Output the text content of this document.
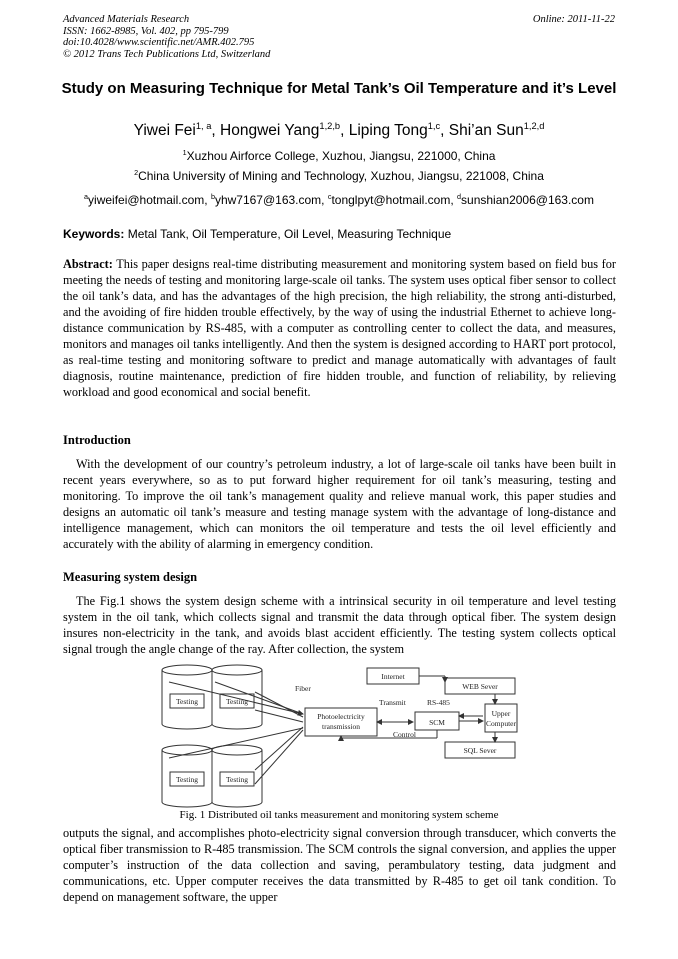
Advanced Materials Research
ISSN: 1662-8985, Vol. 402, pp 795-799
doi:10.4028/www.scientific.net/AMR.402.795
© 2012 Trans Tech Publications Ltd, Switzerland
Online: 2011-11-22
Study on Measuring Technique for Metal Tank’s Oil Temperature and it’s Level
Yiwei Fei$^{1, a}$, Hongwei Yang$^{1,2,b}$, Liping Tong$^{1,c}$, Shi’an Sun$^{1,2,d}$
$^1$Xuzhou Airforce College, Xuzhou, Jiangsu, 221000, China
$^2$China University of Mining and Technology, Xuzhou, Jiangsu, 221008, China
$^a$yiweifei@hotmail.com, $^b$yhw7167@163.com, $^c$tonglpyt@hotmail.com, $^d$sunshian2006@163.com
Keywords: Metal Tank, Oil Temperature, Oil Level, Measuring Technique

Abstract: This paper designs real-time distributing measurement and monitoring system based on field bus for meeting the needs of testing and monitoring large-scale oil tanks. The system uses optical fiber sensor to collect the oil tank’s data, and has the advantages of the high precision, the high reliability, the strong anti-disturbed, and the avoiding of fire hidden trouble effectively, by the way of using the industrial Ethernet to achieve long-distance communication by RS-485, with a computer as controlling center to collect the data, and measures, monitors and manages oil tanks intelligently. And then the system is designed according to HART port protocol, as real-time testing and monitoring software to predict and manage automatically with advantages of fault diagnosis, routine maintenance, prediction of fire hidden trouble, and function of reliability, by relieving workload and good economical and social benefit.

Introduction

With the development of our country’s petroleum industry, a lot of large-scale oil tanks have been built in recent years everywhere, so as to put forward higher requirement for oil tank’s measuring, testing and monitoring. To improve the oil tank’s management quality and relieve manual work, this paper studies and designs an automatic oil tank’s measure and testing manage system with the advantage of long-distance and intelligence management, which can monitors the oil temperature and tests the oil level efficiently and accurately with the ability of alarming in emergency condition.

Measuring system design

The Fig.1 shows the system design scheme with a intrinsical security in oil temperature and level testing system in the oil tank, which collects signal and transmit the data through optical fiber. The system design insures non-electricity in the tank, and avoids blast accident efficiently. The testing system collects optical signal trough the angle change of the ray. After collection, the system

Testing	Testing
Testing	Testing
Fiber
Photoelectricity
transmission
Transmit	RS-485
SCM
Control
Internet
WEB Sever
Upper
Computer
SQL Sever
Fig. 1 Distributed oil tanks measurement and monitoring system scheme

outputs the signal, and accomplishes photo-electricity signal conversion through transducer, which converts the optical fiber transmission to R-485 transmission. The SCM controls the signal conversion, and applies the upper computer’s instruction of the data collection and saving, perambulatory testing, data judgment and communications, etc. Upper computer receives the data transmitted by R-485 to get oil tank condition. To depend on management software, the upper
